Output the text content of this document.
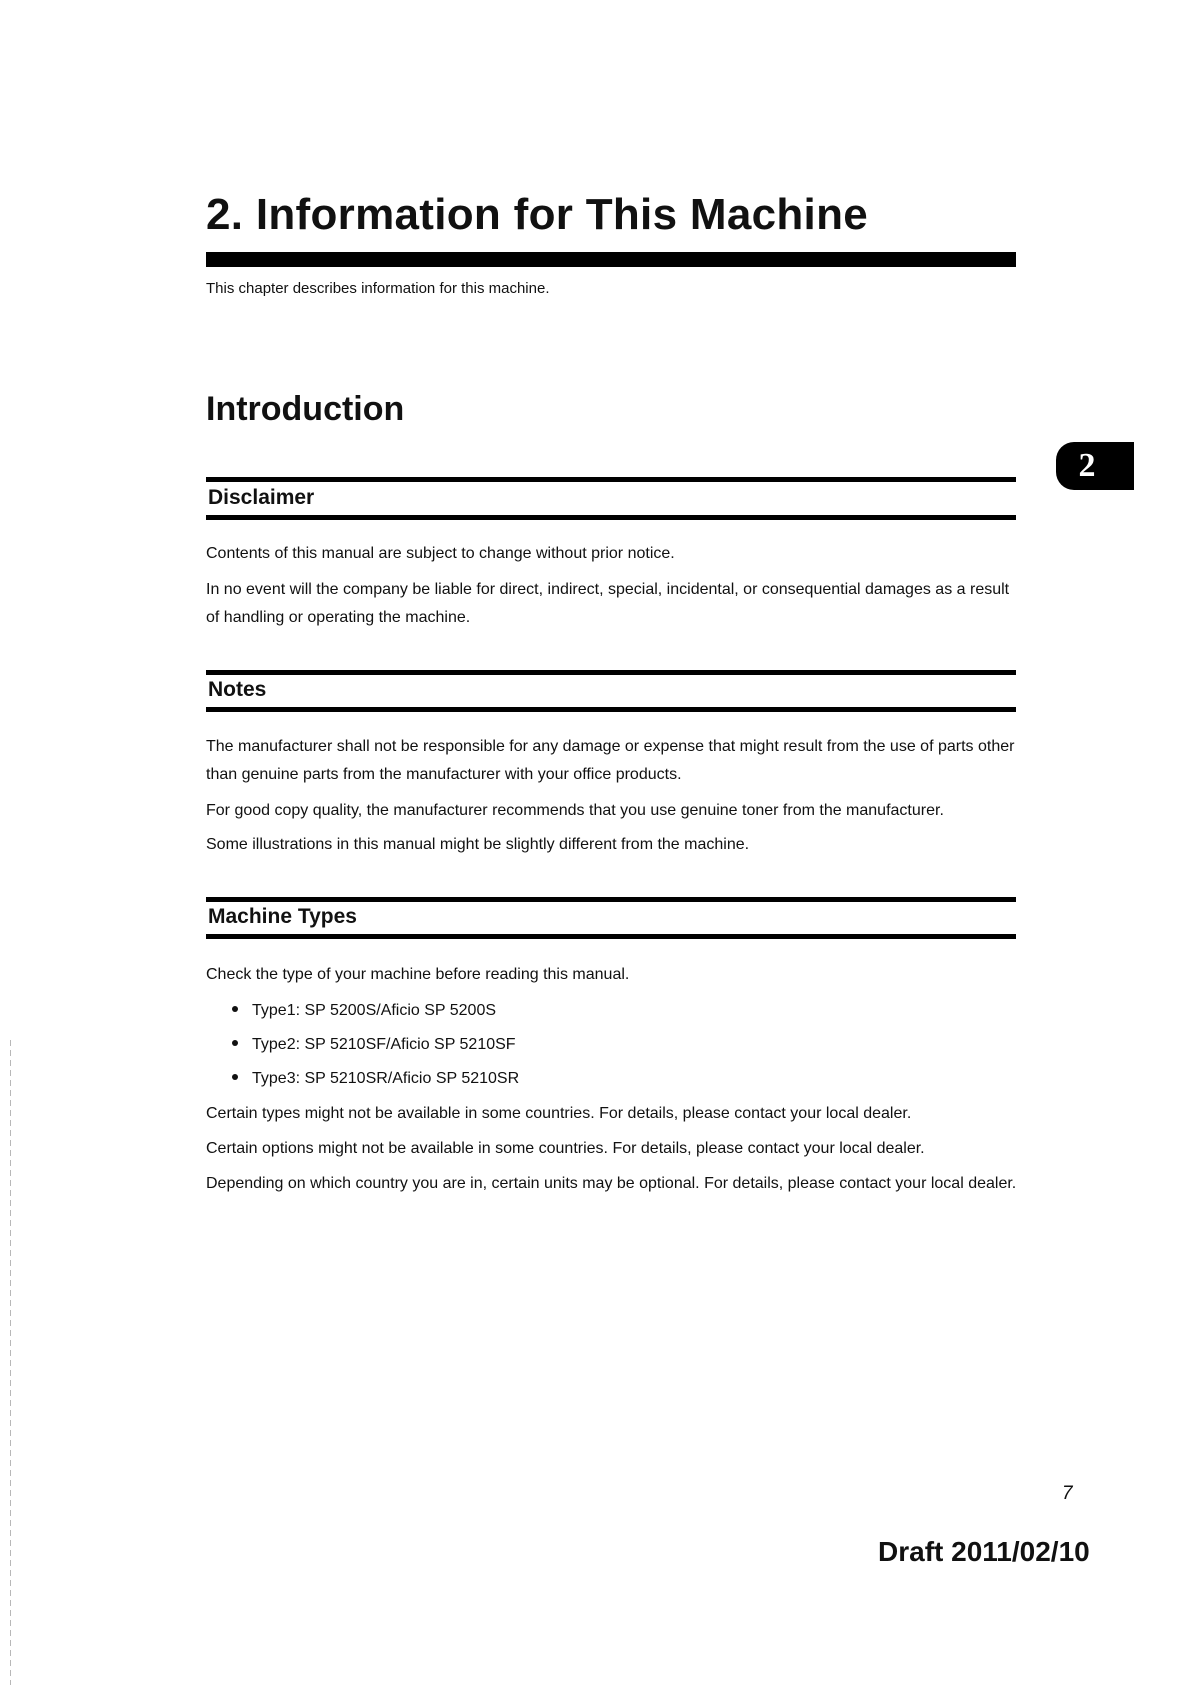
2. Information for This Machine
This chapter describes information for this machine.
Introduction
2
Disclaimer

Contents of this manual are subject to change without prior notice.

In no event will the company be liable for direct, indirect, special, incidental, or consequential damages as a result of handling or operating the machine.

Notes

The manufacturer shall not be responsible for any damage or expense that might result from the use of parts other than genuine parts from the manufacturer with your office products.

For good copy quality, the manufacturer recommends that you use genuine toner from the manufacturer.

Some illustrations in this manual might be slightly different from the machine.

Machine Types

Check the type of your machine before reading this manual.

Type1: SP 5200S/Aficio SP 5200S
Type2: SP 5210SF/Aficio SP 5210SF
Type3: SP 5210SR/Aficio SP 5210SR

Certain types might not be available in some countries. For details, please contact your local dealer.

Certain options might not be available in some countries. For details, please contact your local dealer.

Depending on which country you are in, certain units may be optional. For details, please contact your local dealer.

7
Draft 2011/02/10
